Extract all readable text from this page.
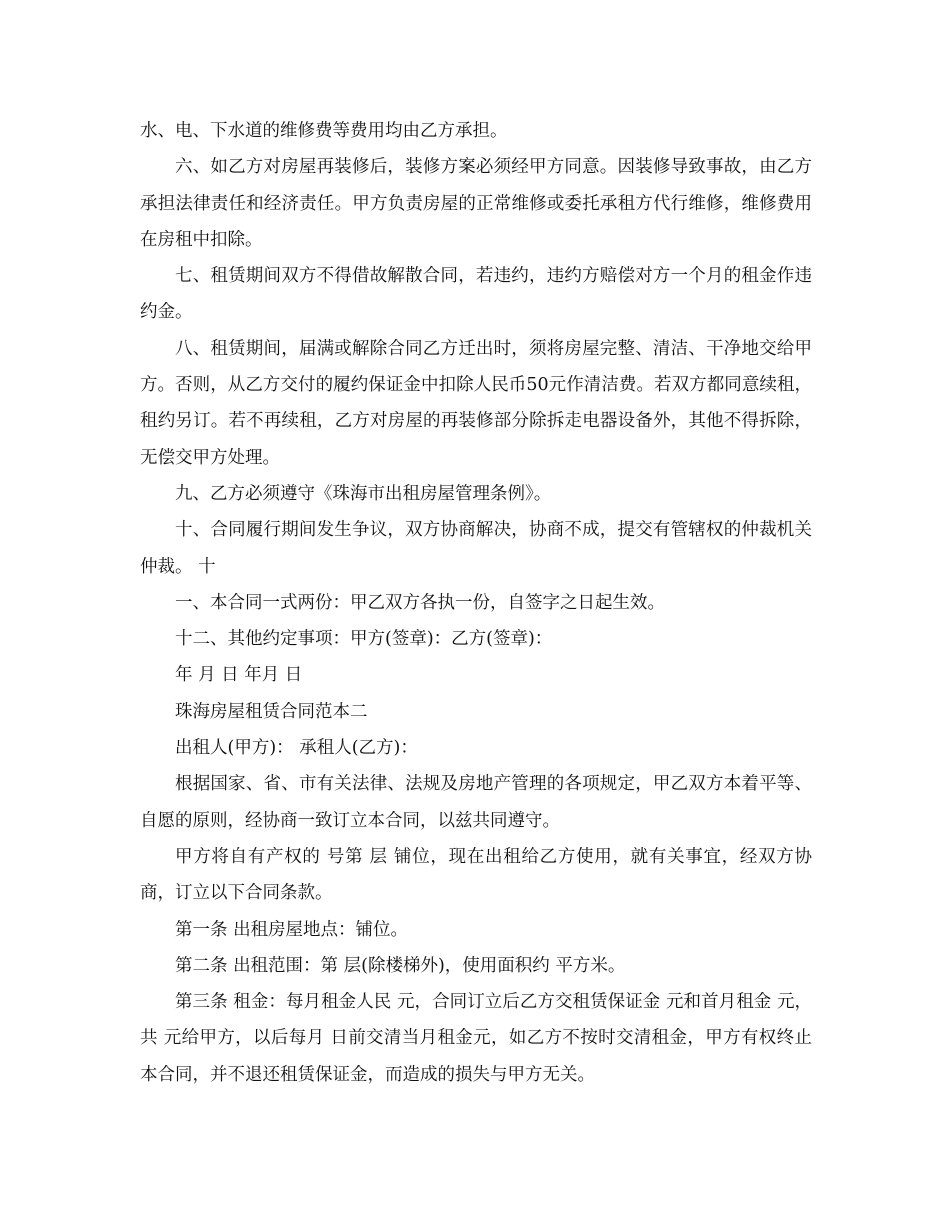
水、电、下水道的维修费等费用均由乙方承担。

六、如乙方对房屋再装修后，装修方案必须经甲方同意。因装修导致事故，由乙方承担法律责任和经济责任。甲方负责房屋的正常维修或委托承租方代行维修，维修费用在房租中扣除。

七、租赁期间双方不得借故解散合同，若违约，违约方赔偿对方一个月的租金作违约金。

八、租赁期间，届满或解除合同乙方迁出时，须将房屋完整、清洁、干净地交给甲方。否则，从乙方交付的履约保证金中扣除人民币50元作清洁费。若双方都同意续租，租约另订。若不再续租，乙方对房屋的再装修部分除拆走电器设备外，其他不得拆除，无偿交甲方处理。

九、乙方必须遵守《珠海市出租房屋管理条例》。

十、合同履行期间发生争议，双方协商解决，协商不成，提交有管辖权的仲裁机关仲裁。 十

一、本合同一式两份：甲乙双方各执一份，自签字之日起生效。

十二、其他约定事项：甲方(签章)：乙方(签章)：

年 月 日 年月 日

珠海房屋租赁合同范本二

出租人(甲方)： 承租人(乙方)：

根据国家、省、市有关法律、法规及房地产管理的各项规定，甲乙双方本着平等、自愿的原则，经协商一致订立本合同，以兹共同遵守。

甲方将自有产权的 号第 层 铺位，现在出租给乙方使用，就有关事宜，经双方协商，订立以下合同条款。

第一条 出租房屋地点：铺位。

第二条 出租范围：第 层(除楼梯外)，使用面积约 平方米。

第三条 租金：每月租金人民 元，合同订立后乙方交租赁保证金 元和首月租金 元，共 元给甲方，以后每月 日前交清当月租金元，如乙方不按时交清租金，甲方有权终止本合同，并不退还租赁保证金，而造成的损失与甲方无关。
